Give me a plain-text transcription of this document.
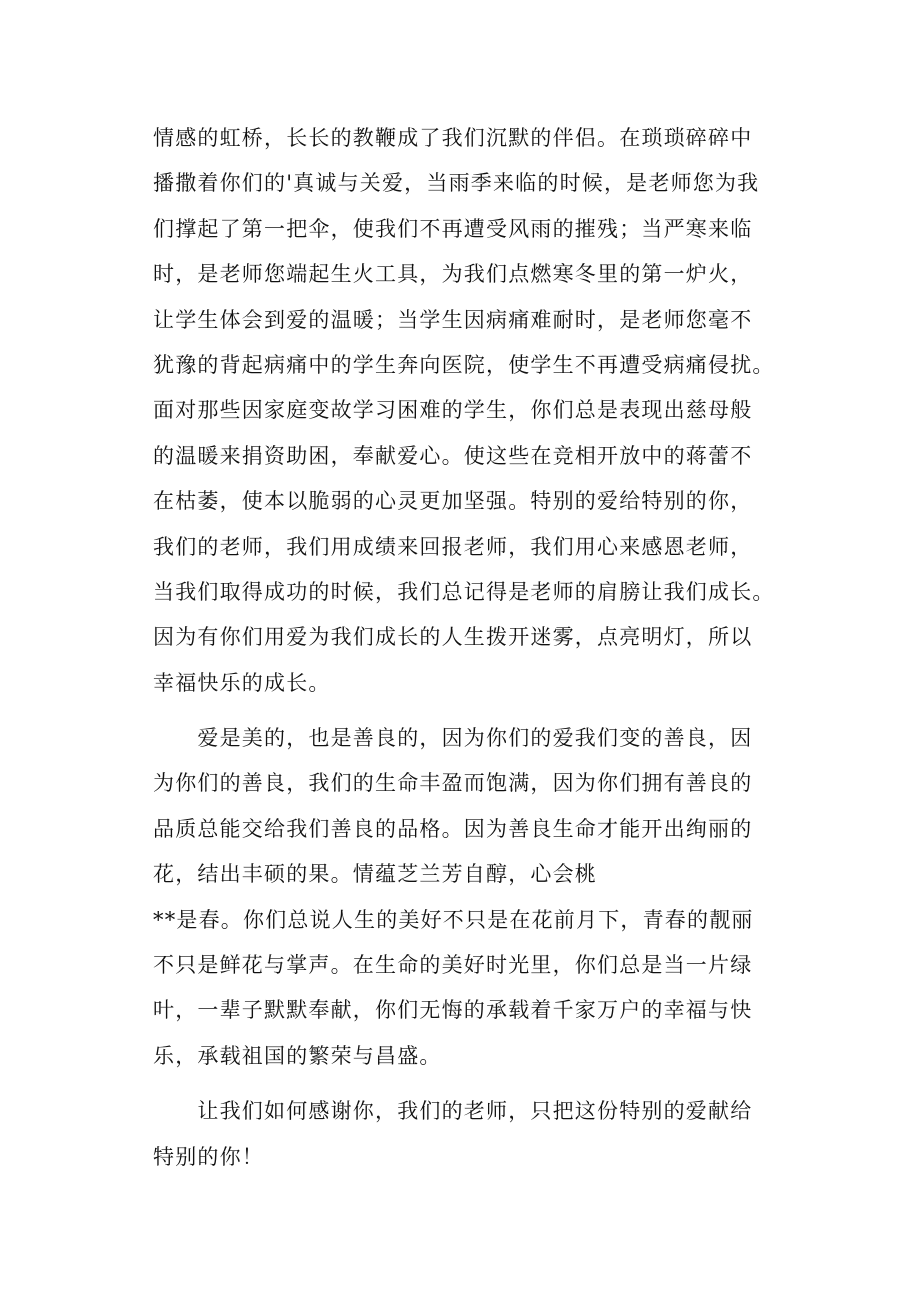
情感的虹桥，长长的教鞭成了我们沉默的伴侣。在琐琐碎碎中
播撒着你们的'真诚与关爱，当雨季来临的时候，是老师您为我
们撑起了第一把伞，使我们不再遭受风雨的摧残；当严寒来临
时，是老师您端起生火工具，为我们点燃寒冬里的第一炉火，
让学生体会到爱的温暖；当学生因病痛难耐时，是老师您毫不
犹豫的背起病痛中的学生奔向医院，使学生不再遭受病痛侵扰。
面对那些因家庭变故学习困难的学生，你们总是表现出慈母般
的温暖来捐资助困，奉献爱心。使这些在竞相开放中的蒋蕾不
在枯萎，使本以脆弱的心灵更加坚强。特别的爱给特别的你，
我们的老师，我们用成绩来回报老师，我们用心来感恩老师，
当我们取得成功的时候，我们总记得是老师的肩膀让我们成长。
因为有你们用爱为我们成长的人生拨开迷雾，点亮明灯，所以
幸福快乐的成长。
　　爱是美的，也是善良的，因为你们的爱我们变的善良，因
为你们的善良，我们的生命丰盈而饱满，因为你们拥有善良的
品质总能交给我们善良的品格。因为善良生命才能开出绚丽的
花，结出丰硕的果。情蕴芝兰芳自醇，心会桃
**是春。你们总说人生的美好不只是在花前月下，青春的靓丽
不只是鲜花与掌声。在生命的美好时光里，你们总是当一片绿
叶，一辈子默默奉献，你们无悔的承载着千家万户的幸福与快
乐，承载祖国的繁荣与昌盛。
　　让我们如何感谢你，我们的老师，只把这份特别的爱献给
特别的你！
